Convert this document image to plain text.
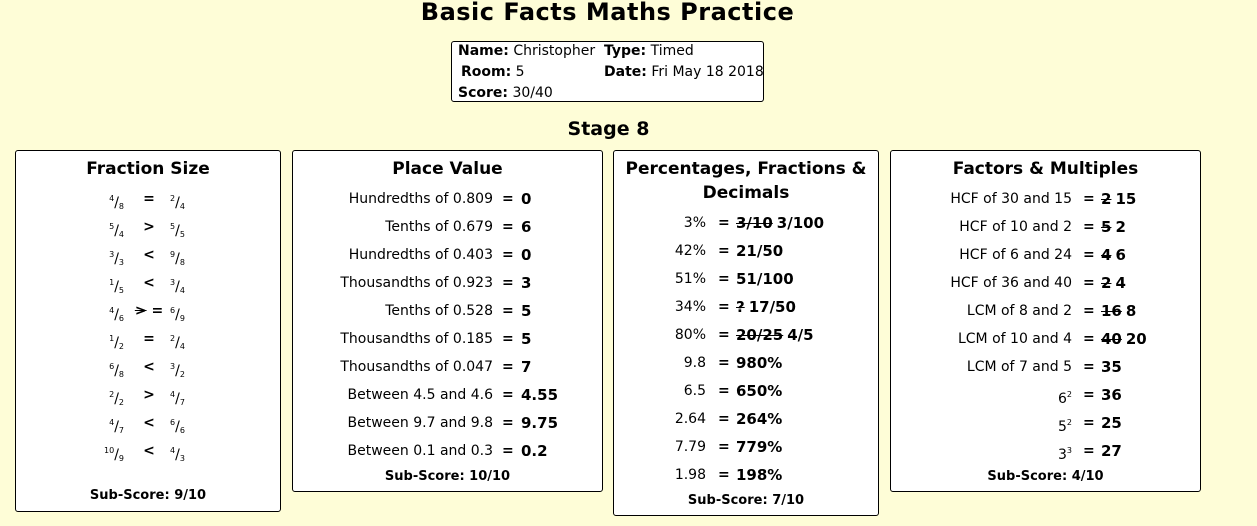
Basic Facts Maths Practice
Name: Christopher Type: Timed
Room: 5	Date: Fri May 18 2018
Score: 30/40
Stage 8
Fraction Size
$^4/_8$	=	$^2/_4$
$^5/_4$	>	$^5/_5$
$^3/_3$	<	$^9/_8$
$^1/_5$	<	$^3/_4$
$^4/_6$ > = $^6/_9$
$^1/_2$	=	$^2/_4$
$^6/_8$	<	$^3/_2$
$^2/_2$	>	$^4/_7$
$^4/_7$	<	$^6/_6$
$^{10}/_9$	<	$^4/_3$
Sub-Score: 9/10
Place Value
Hundredths of 0.809 = 0
Tenths of 0.679 = 6
Hundredths of 0.403 = 0
Thousandths of 0.923 = 3
Tenths of 0.528 = 5
Thousandths of 0.185 = 5
Thousandths of 0.047 = 7
Between 4.5 and 4.6 = 4.55
Between 9.7 and 9.8 = 9.75
Between 0.1 and 0.3 = 0.2
Sub-Score: 10/10
Percentages, Fractions &
Decimals
3% = 3/10 3/100
42% = 21/50
51% = 51/100
34% = ? 17/50
80% = 20/25 4/5
9.8 = 980%
6.5 = 650%
2.64 = 264%
7.79 = 779%
1.98 = 198%
Sub-Score: 7/10
Factors & Multiples
HCF of 30 and 15 = 2 15
HCF of 10 and 2 = 5 2
HCF of 6 and 24 = 4 6
HCF of 36 and 40 = 2 4
LCM of 8 and 2 = 16 8
LCM of 10 and 4 = 40 20
LCM of 7 and 5 = 35
$6^2 = 36$
$5^2 = 25$
$3^3 = 27$
Sub-Score: 4/10
